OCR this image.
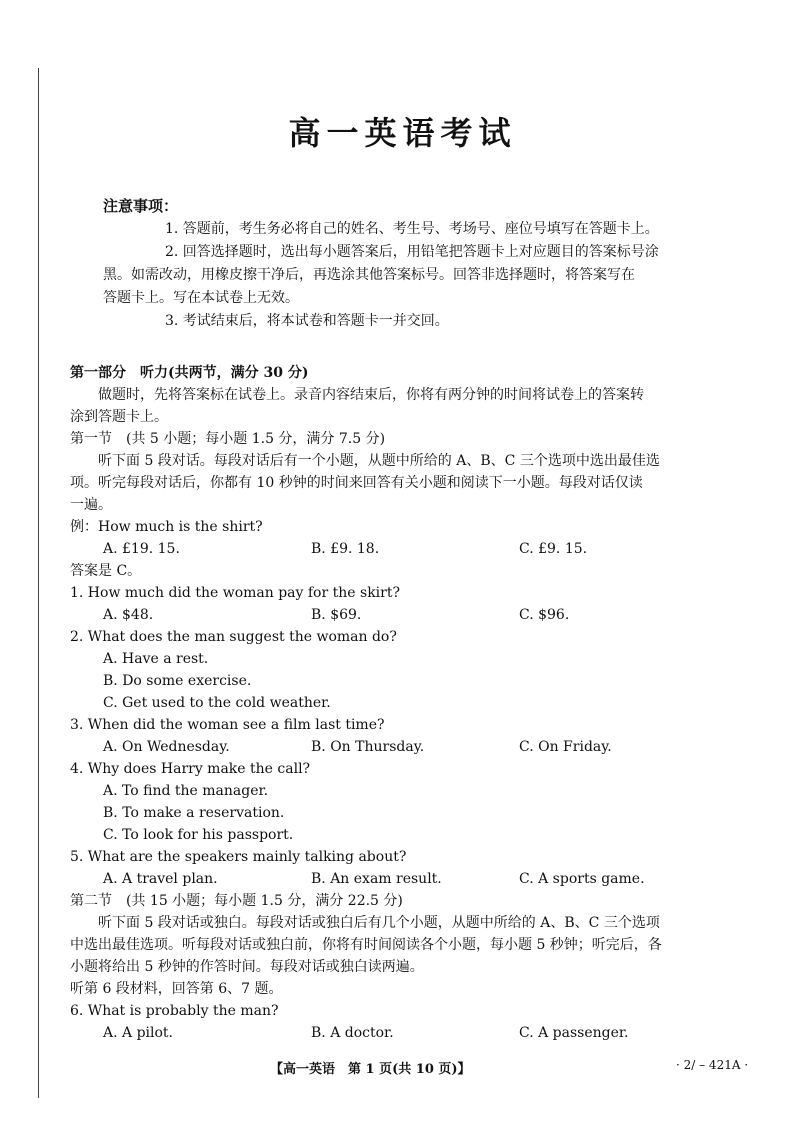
高一英语考试
注意事项：
1. 答题前，考生务必将自己的姓名、考生号、考场号、座位号填写在答题卡上。
2. 回答选择题时，选出每小题答案后，用铅笔把答题卡上对应题目的答案标号涂
黑。如需改动，用橡皮擦干净后，再选涂其他答案标号。回答非选择题时，将答案写在
答题卡上。写在本试卷上无效。
3. 考试结束后，将本试卷和答题卡一并交回。
第一部分　听力(共两节，满分 30 分)
做题时，先将答案标在试卷上。录音内容结束后，你将有两分钟的时间将试卷上的答案转
涂到答题卡上。
第一节　(共 5 小题；每小题 1.5 分，满分 7.5 分)
听下面 5 段对话。每段对话后有一个小题，从题中所给的 A、B、C 三个选项中选出最佳选
项。听完每段对话后，你都有 10 秒钟的时间来回答有关小题和阅读下一小题。每段对话仅读
一遍。
例：How much is the shirt?
A. £19. 15.	B. £9. 18.	C. £9. 15.
答案是 C。
1. How much did the woman pay for the skirt?
A. $48.	B. $69.	C. $96.
2. What does the man suggest the woman do?
A. Have a rest.
B. Do some exercise.
C. Get used to the cold weather.
3. When did the woman see a film last time?
A. On Wednesday.	B. On Thursday.	C. On Friday.
4. Why does Harry make the call?
A. To find the manager.
B. To make a reservation.
C. To look for his passport.
5. What are the speakers mainly talking about?
A. A travel plan.	B. An exam result.	C. A sports game.
第二节　(共 15 小题；每小题 1.5 分，满分 22.5 分)
听下面 5 段对话或独白。每段对话或独白后有几个小题，从题中所给的 A、B、C 三个选项
中选出最佳选项。听每段对话或独白前，你将有时间阅读各个小题，每小题 5 秒钟；听完后，各
小题将给出 5 秒钟的作答时间。每段对话或独白读两遍。
听第 6 段材料，回答第 6、7 题。
6. What is probably the man?
A. A pilot.	B. A doctor.	C. A passenger.
【高一英语　第 1 页(共 10 页)】	· 2/ – 421A ·
